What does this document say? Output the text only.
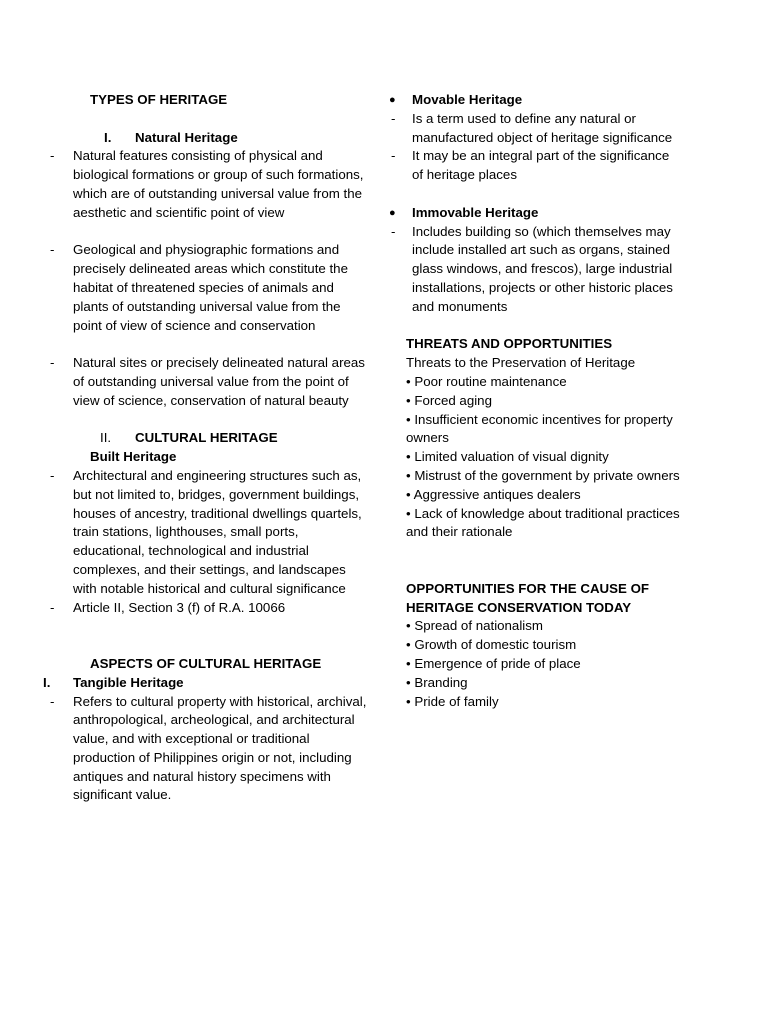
TYPES OF HERITAGE
I. Natural Heritage
- Natural features consisting of physical and biological formations or group of such formations, which are of outstanding universal value from the aesthetic and scientific point of view
- Geological and physiographic formations and precisely delineated areas which constitute the habitat of threatened species of animals and plants of outstanding universal value from the point of view of science and conservation
- Natural sites or precisely delineated natural areas of outstanding universal value from the point of view of science, conservation of natural beauty
II. CULTURAL HERITAGE
Built Heritage
- Architectural and engineering structures such as, but not limited to, bridges, government buildings, houses of ancestry, traditional dwellings quartels, train stations, lighthouses, small ports, educational, technological and industrial complexes, and their settings, and landscapes with notable historical and cultural significance
- Article II, Section 3 (f) of R.A. 10066
ASPECTS OF CULTURAL HERITAGE
I. Tangible Heritage
- Refers to cultural property with historical, archival, anthropological, archeological, and architectural value, and with exceptional or traditional production of Philippines origin or not, including antiques and natural history specimens with significant value.
● Movable Heritage
- Is a term used to define any natural or manufactured object of heritage significance
- It may be an integral part of the significance of heritage places
● Immovable Heritage
- Includes building so (which themselves may include installed art such as organs, stained glass windows, and frescos), large industrial installations, projects or other historic places and monuments
THREATS AND OPPORTUNITIES
Threats to the Preservation of Heritage
• Poor routine maintenance
• Forced aging
• Insufficient economic incentives for property owners
• Limited valuation of visual dignity
• Mistrust of the government by private owners
• Aggressive antiques dealers
• Lack of knowledge about traditional practices and their rationale
OPPORTUNITIES FOR THE CAUSE OF HERITAGE CONSERVATION TODAY
• Spread of nationalism
• Growth of domestic tourism
• Emergence of pride of place
• Branding
• Pride of family
